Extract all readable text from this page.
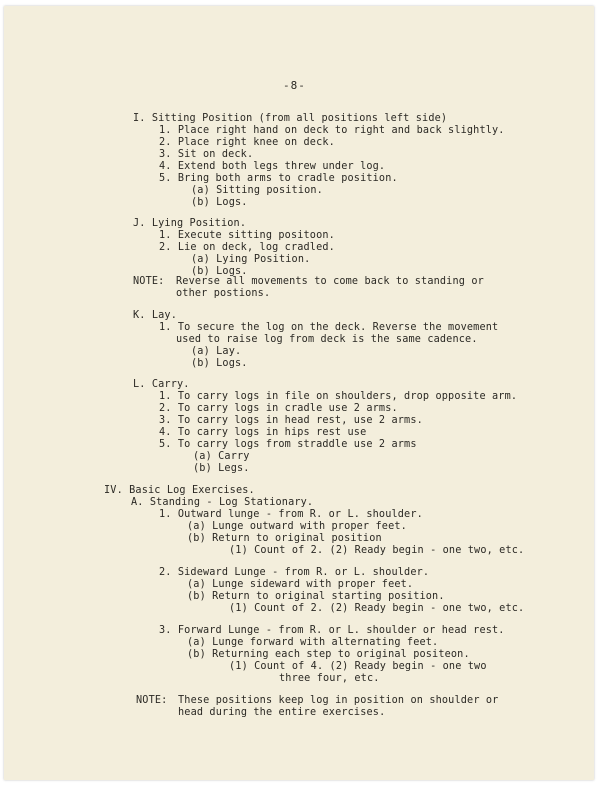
-8-
I. Sitting Position (from all positions left side)
1. Place right hand on deck to right and back slightly.
2. Place right knee on deck.
3. Sit on deck.
4. Extend both legs threw under log.
5. Bring both arms to cradle position.
(a) Sitting position.
(b) Logs.
J. Lying Position.
1. Execute sitting positoon.
2. Lie on deck, log cradled.
(a) Lying Position.
(b) Logs.
NOTE: Reverse all movements to come back to standing or
other postions.
K. Lay.
1. To secure the log on the deck. Reverse the movement
used to raise log from deck is the same cadence.
(a) Lay.
(b) Logs.
L. Carry.
1. To carry logs in file on shoulders, drop opposite arm.
2. To carry logs in cradle use 2 arms.
3. To carry logs in head rest, use 2 arms.
4. To carry logs in hips rest use
5. To carry logs from straddle use 2 arms
(a) Carry
(b) Legs.
IV. Basic Log Exercises.
A. Standing - Log Stationary.
1. Outward lunge - from R. or L. shoulder.
(a) Lunge outward with proper feet.
(b) Return to original position
(1) Count of 2. (2) Ready begin - one two, etc.
2. Sideward Lunge - from R. or L. shoulder.
(a) Lunge sideward with proper feet.
(b) Return to original starting position.
(1) Count of 2. (2) Ready begin - one two, etc.
3. Forward Lunge - from R. or L. shoulder or head rest.
(a) Lunge forward with alternating feet.
(b) Returning each step to original positeon.
(1) Count of 4. (2) Ready begin - one two
three four, etc.
NOTE: These positions keep log in position on shoulder or
head during the entire exercises.
